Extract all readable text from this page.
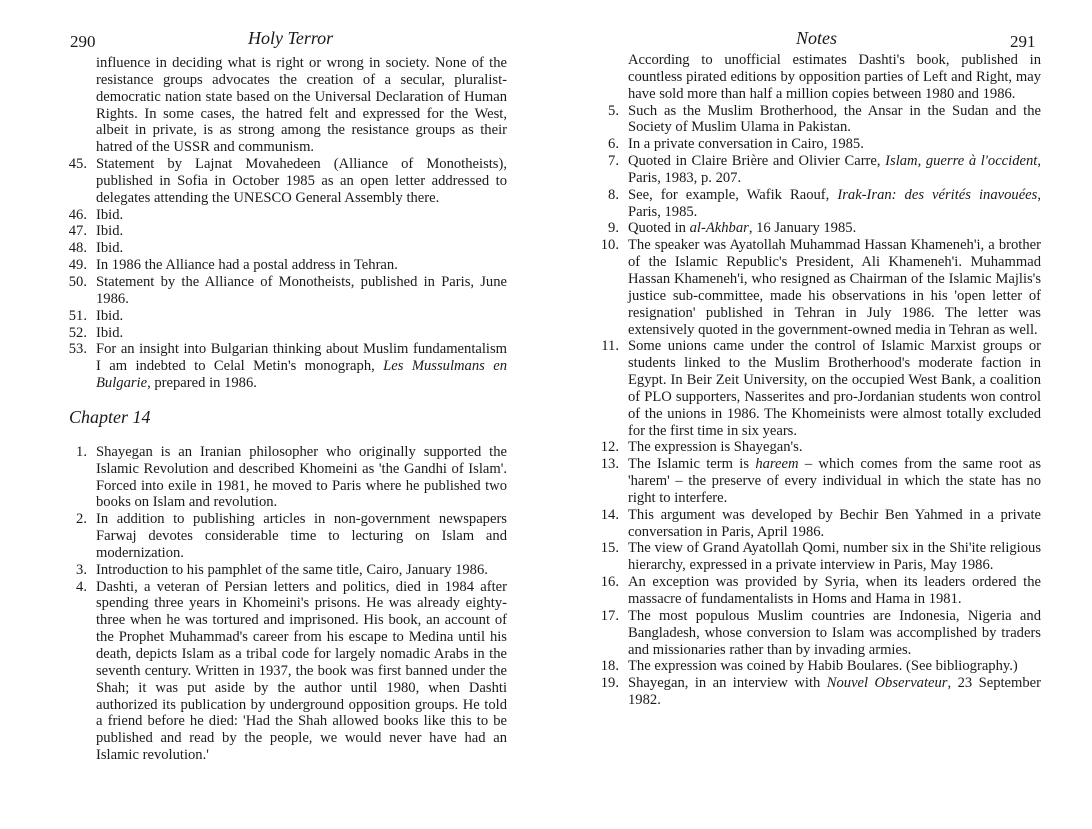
290	Holy Terror
influence in deciding what is right or wrong in society. None of the resistance groups advocates the creation of a secular, pluralist-democratic nation state based on the Universal Declaration of Human Rights. In some cases, the hatred felt and expressed for the West, albeit in private, is as strong among the resistance groups as their hatred of the USSR and communism.
45. Statement by Lajnat Movahedeen (Alliance of Monotheists), published in Sofia in October 1985 as an open letter addressed to delegates attending the UNESCO General Assembly there.
46. Ibid.
47. Ibid.
48. Ibid.
49. In 1986 the Alliance had a postal address in Tehran.
50. Statement by the Alliance of Monotheists, published in Paris, June 1986.
51. Ibid.
52. Ibid.
53. For an insight into Bulgarian thinking about Muslim fundamentalism I am indebted to Celal Metin's monograph, Les Mussulmans en Bulgarie, prepared in 1986.
Chapter 14
1. Shayegan is an Iranian philosopher who originally supported the Islamic Revolution and described Khomeini as 'the Gandhi of Islam'. Forced into exile in 1981, he moved to Paris where he published two books on Islam and revolution.
2. In addition to publishing articles in non-government newspapers Farwaj devotes considerable time to lecturing on Islam and modernization.
3. Introduction to his pamphlet of the same title, Cairo, January 1986.
4. Dashti, a veteran of Persian letters and politics, died in 1984 after spending three years in Khomeini's prisons. He was already eighty-three when he was tortured and imprisoned. His book, an account of the Prophet Muhammad's career from his escape to Medina until his death, depicts Islam as a tribal code for largely nomadic Arabs in the seventh century. Written in 1937, the book was first banned under the Shah; it was put aside by the author until 1980, when Dashti authorized its publication by underground opposition groups. He told a friend before he died: 'Had the Shah allowed books like this to be published and read by the people, we would never have had an Islamic revolution.'
Notes	291
According to unofficial estimates Dashti's book, published in countless pirated editions by opposition parties of Left and Right, may have sold more than half a million copies between 1980 and 1986.
5. Such as the Muslim Brotherhood, the Ansar in the Sudan and the Society of Muslim Ulama in Pakistan.
6. In a private conversation in Cairo, 1985.
7. Quoted in Claire Brière and Olivier Carre, Islam, guerre à l'occident, Paris, 1983, p. 207.
8. See, for example, Wafik Raouf, Irak-Iran: des vérités inavouées, Paris, 1985.
9. Quoted in al-Akhbar, 16 January 1985.
10. The speaker was Ayatollah Muhammad Hassan Khameneh'i, a brother of the Islamic Republic's President, Ali Khameneh'i. Muhammad Hassan Khameneh'i, who resigned as Chairman of the Islamic Majlis's justice sub-committee, made his observations in his 'open letter of resignation' published in Tehran in July 1986. The letter was extensively quoted in the government-owned media in Tehran as well.
11. Some unions came under the control of Islamic Marxist groups or students linked to the Muslim Brotherhood's moderate faction in Egypt. In Beir Zeit University, on the occupied West Bank, a coalition of PLO supporters, Nasserites and pro-Jordanian students won control of the unions in 1986. The Khomeinists were almost totally excluded for the first time in six years.
12. The expression is Shayegan's.
13. The Islamic term is hareem – which comes from the same root as 'harem' – the preserve of every individual in which the state has no right to interfere.
14. This argument was developed by Bechir Ben Yahmed in a private conversation in Paris, April 1986.
15. The view of Grand Ayatollah Qomi, number six in the Shi'ite religious hierarchy, expressed in a private interview in Paris, May 1986.
16. An exception was provided by Syria, when its leaders ordered the massacre of fundamentalists in Homs and Hama in 1981.
17. The most populous Muslim countries are Indonesia, Nigeria and Bangladesh, whose conversion to Islam was accomplished by traders and missionaries rather than by invading armies.
18. The expression was coined by Habib Boulares. (See bibliography.)
19. Shayegan, in an interview with Nouvel Observateur, 23 September 1982.
